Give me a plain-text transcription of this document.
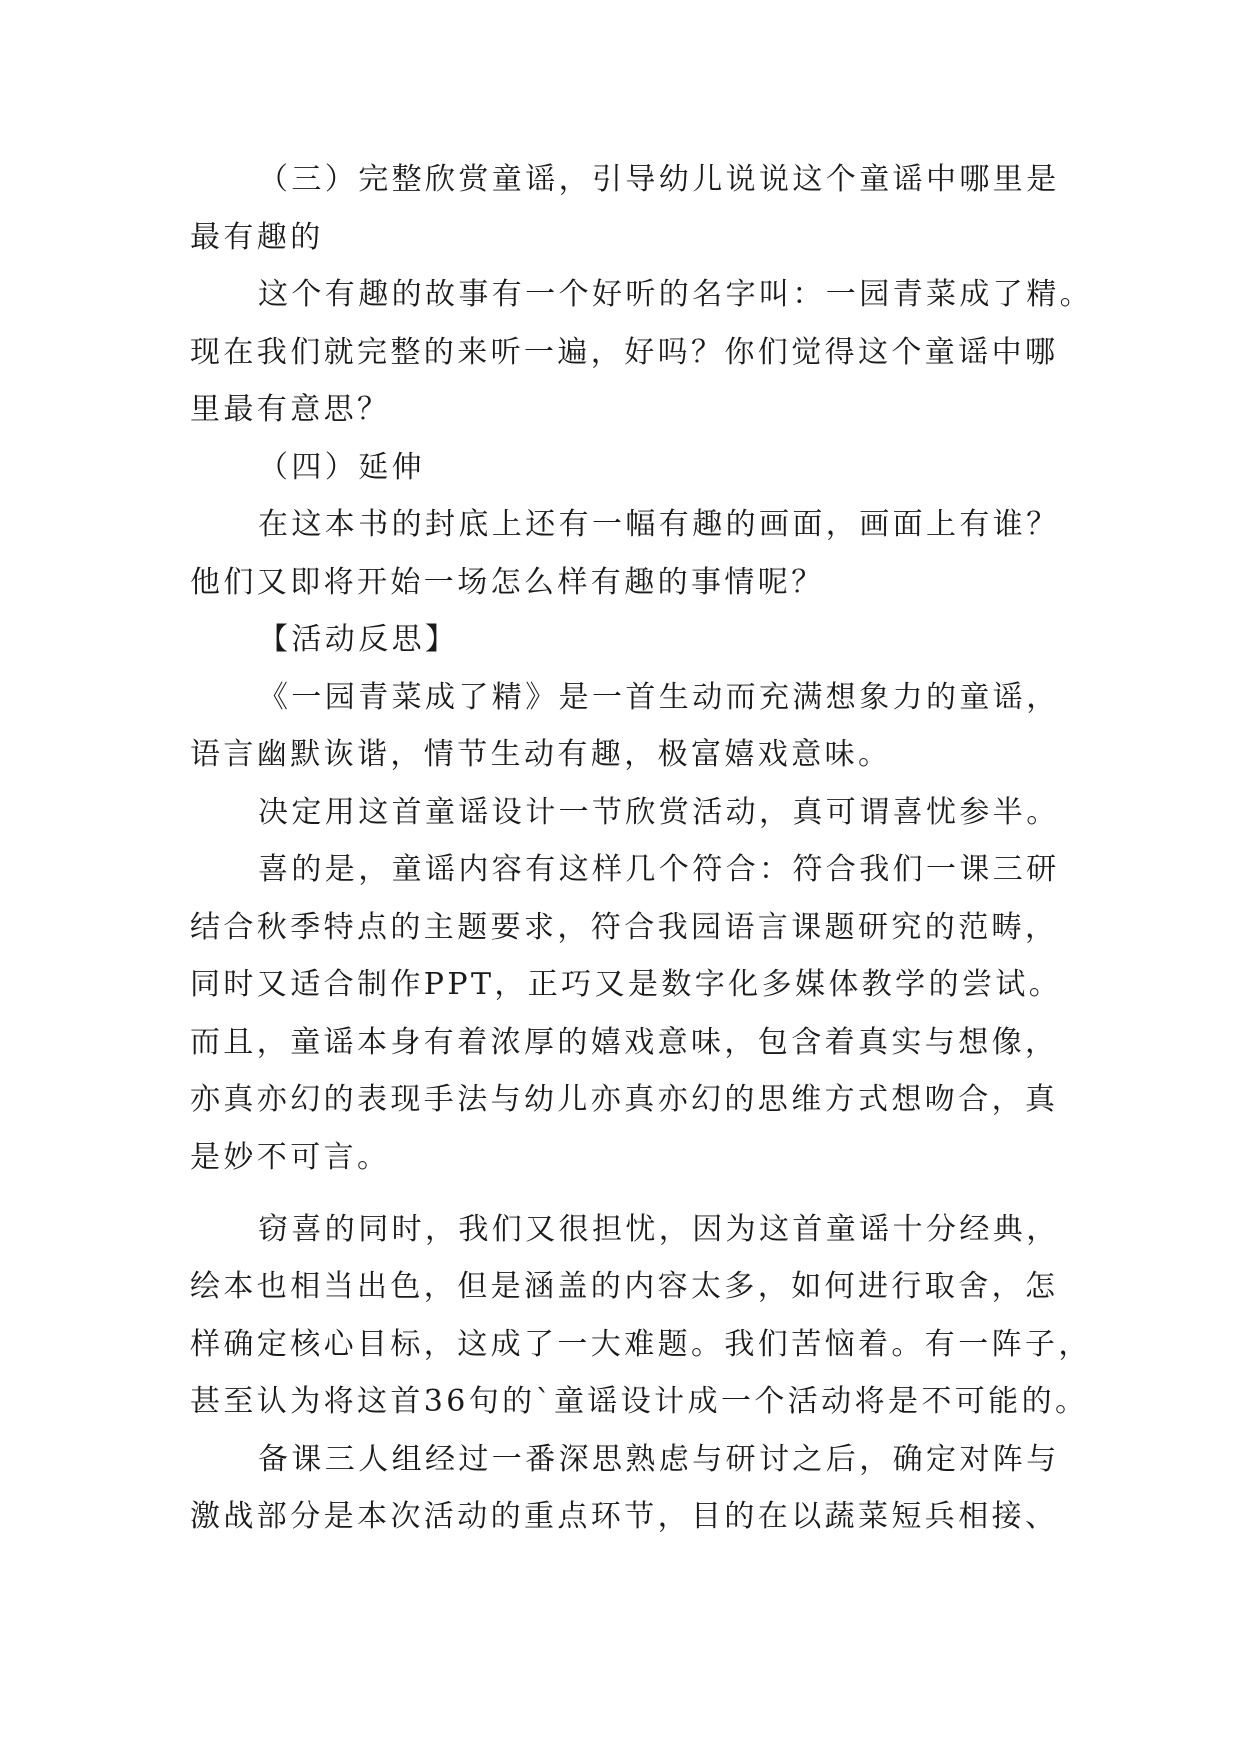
（三）完整欣赏童谣，引导幼儿说说这个童谣中哪里是
最有趣的
这个有趣的故事有一个好听的名字叫：一园青菜成了精。
现在我们就完整的来听一遍，好吗？你们觉得这个童谣中哪
里最有意思？
（四）延伸
在这本书的封底上还有一幅有趣的画面，画面上有谁？
他们又即将开始一场怎么样有趣的事情呢？
【活动反思】
《一园青菜成了精》是一首生动而充满想象力的童谣，
语言幽默诙谐，情节生动有趣，极富嬉戏意味。
决定用这首童谣设计一节欣赏活动，真可谓喜忧参半。
喜的是，童谣内容有这样几个符合：符合我们一课三研
结合秋季特点的主题要求，符合我园语言课题研究的范畴，
同时又适合制作PPT，正巧又是数字化多媒体教学的尝试。
而且，童谣本身有着浓厚的嬉戏意味，包含着真实与想像，
亦真亦幻的表现手法与幼儿亦真亦幻的思维方式想吻合，真
是妙不可言。
窃喜的同时，我们又很担忧，因为这首童谣十分经典，
绘本也相当出色，但是涵盖的内容太多，如何进行取舍，怎
样确定核心目标，这成了一大难题。我们苦恼着。有一阵子，
甚至认为将这首36句的`童谣设计成一个活动将是不可能的。
备课三人组经过一番深思熟虑与研讨之后，确定对阵与
激战部分是本次活动的重点环节，目的在以蔬菜短兵相接、
